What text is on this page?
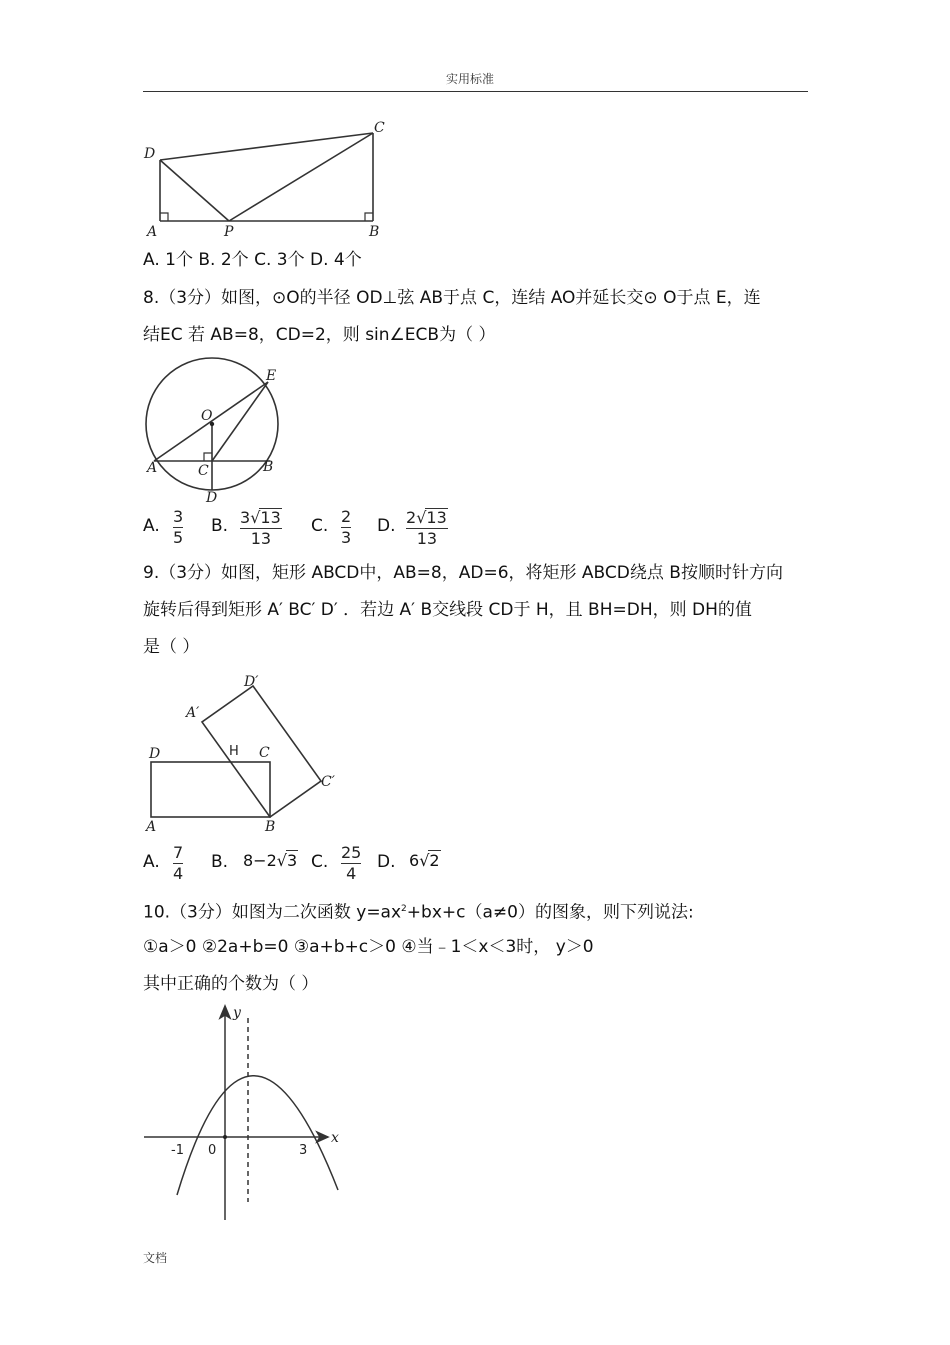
实用标准
D
C
A	P	B
A. 1个 B. 2个 C. 3个 D. 4个
8.（3分）如图，⊙O的半径 OD⊥弦 AB于点 C，连结 AO并延长交⊙ O于点 E，连
结EC 若 AB=8，CD=2，则 sin∠ECB为（ ）
E
O
A	C	B
D
A. 3
5
B. 3√13
13
C. 2
3
D. 2√13
13
9.（3分）如图，矩形 ABCD中，AB=8，AD=6，将矩形 ABCD绕点 B按顺时针方向
旋转后得到矩形 A′ BC′ D′ ．若边 A′ B交线段 CD于 H，且 BH=DH，则 DH的值
是（ ）
D′
A′
D	H C
C′
A	B
A. 7
4
B. 8−2√3 C. 25
4
D. 6√2
10.（3分）如图为二次函数 $y=ax^2+bx+c(a\ne 0)$的图象，则下列说法:
①a＞0 ②2a+b=0 ③a+b+c＞0 ④当﹣1＜x＜3时， y＞0
其中正确的个数为（ ）
y
x
-1 0	3
文档
